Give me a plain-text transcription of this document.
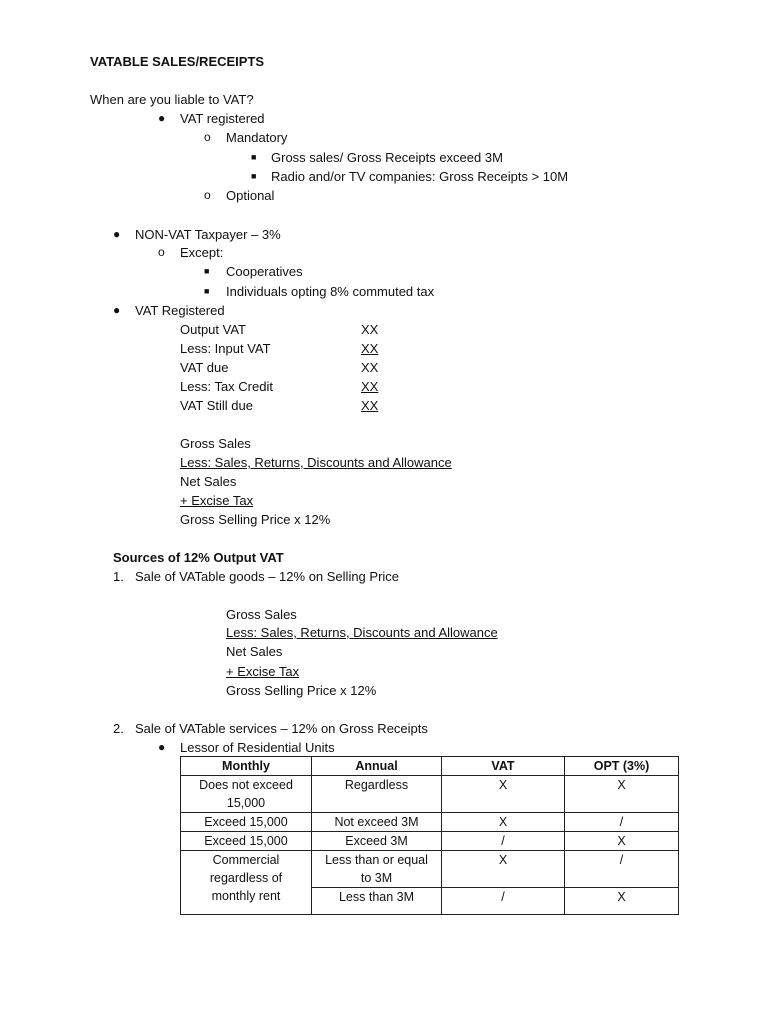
VATABLE SALES/RECEIPTS
When are you liable to VAT?
● VAT registered
o Mandatory
■ Gross sales/ Gross Receipts exceed 3M
■ Radio and/or TV companies: Gross Receipts > 10M
o Optional
● NON-VAT Taxpayer – 3%
o Except:
■ Cooperatives
■ Individuals opting 8% commuted tax
● VAT Registered
Output VAT	XX
Less: Input VAT	XX
VAT due	XX
Less: Tax Credit	XX
VAT Still due	XX
Gross Sales
Less: Sales, Returns, Discounts and Allowance
Net Sales
+ Excise Tax
Gross Selling Price x 12%
Sources of 12% Output VAT
1. Sale of VATable goods – 12% on Selling Price
Gross Sales
Less: Sales, Returns, Discounts and Allowance
Net Sales
+ Excise Tax
Gross Selling Price x 12%
2. Sale of VATable services – 12% on Gross Receipts
● Lessor of Residential Units
Monthly	Annual	VAT	OPT (3%)
Does not exceed
15,000	Regardless	X	X
Exceed 15,000	Not exceed 3M	X	/
Exceed 15,000	Exceed 3M	/	X
Commercial
regardless of
monthly rent	Less than or equal
to 3M	X	/
	Less than 3M	/	X
